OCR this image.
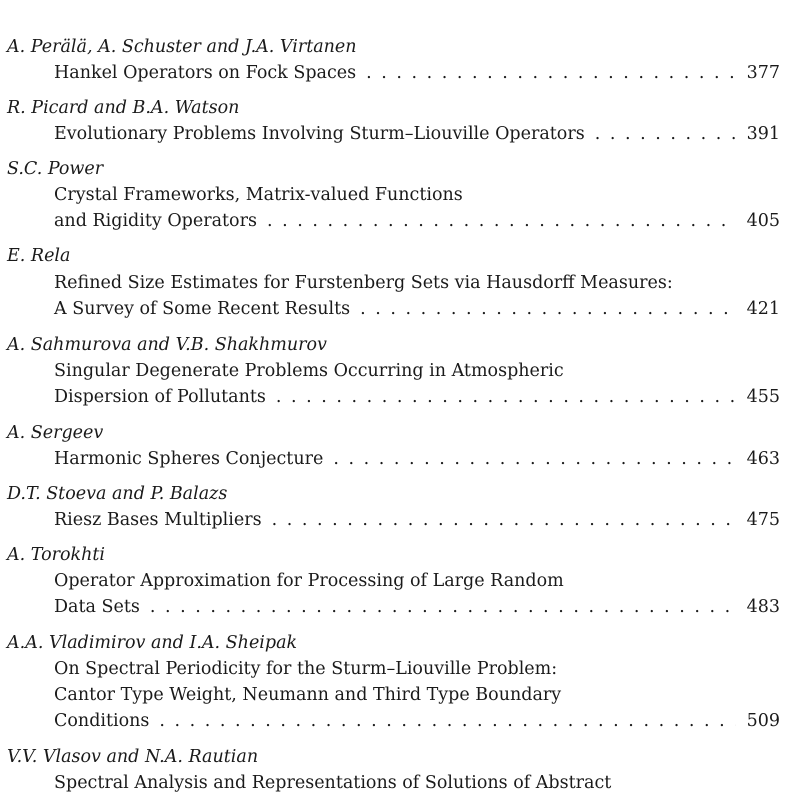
A. Perälä, A. Schuster and J.A. Virtanen
Hankel Operators on Fock Spaces . . .	377
R. Picard and B.A. Watson
Evolutionary Problems Involving Sturm–Liouville Operators . . .	391
S.C. Power
Crystal Frameworks, Matrix-valued Functions
and Rigidity Operators . . .	405
E. Rela
Refined Size Estimates for Furstenberg Sets via Hausdorff Measures:
A Survey of Some Recent Results . . .	421
A. Sahmurova and V.B. Shakhmurov
Singular Degenerate Problems Occurring in Atmospheric
Dispersion of Pollutants . . .	455
A. Sergeev
Harmonic Spheres Conjecture . . .	463
D.T. Stoeva and P. Balazs
Riesz Bases Multipliers . . .	475
A. Torokhti
Operator Approximation for Processing of Large Random
Data Sets . . .	483
A.A. Vladimirov and I.A. Sheipak
On Spectral Periodicity for the Sturm–Liouville Problem:
Cantor Type Weight, Neumann and Third Type Boundary
Conditions . . .	509
V.V. Vlasov and N.A. Rautian
Spectral Analysis and Representations of Solutions of Abstract
